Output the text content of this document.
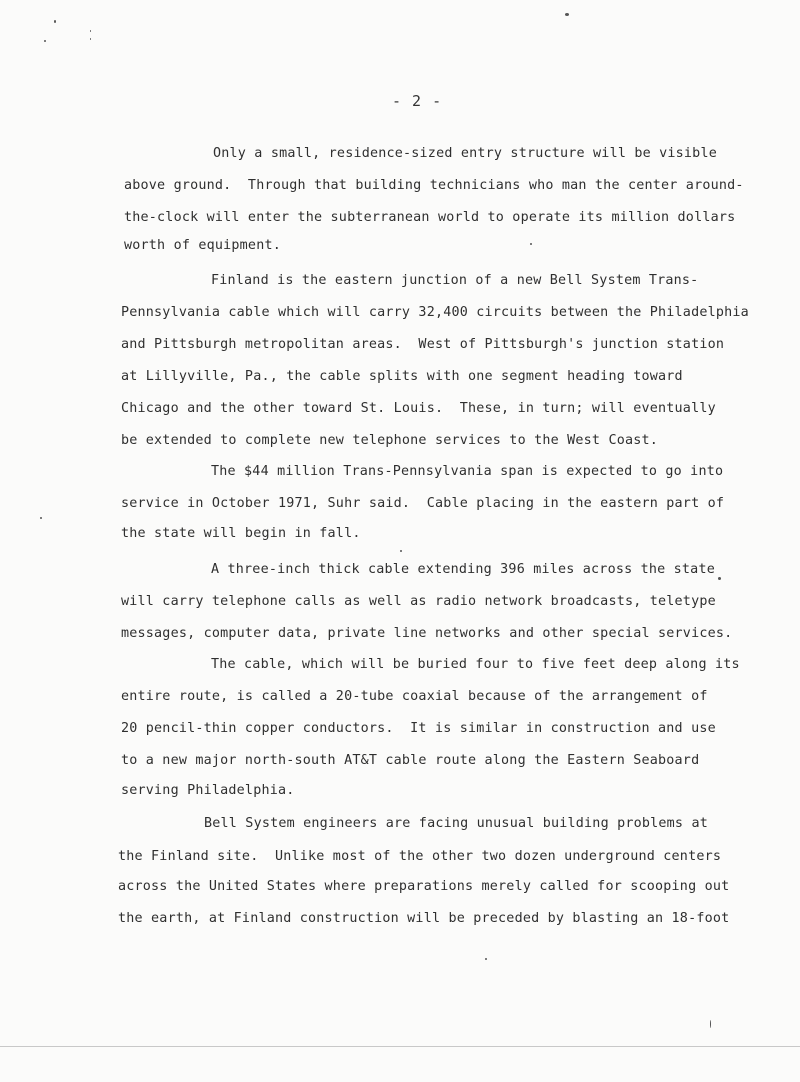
- 2 -
Only a small, residence-sized entry structure will be visible
above ground.  Through that building technicians who man the center around-
the-clock will enter the subterranean world to operate its million dollars
worth of equipment.
Finland is the eastern junction of a new Bell System Trans-
Pennsylvania cable which will carry 32,400 circuits between the Philadelphia
and Pittsburgh metropolitan areas.  West of Pittsburgh's junction station
at Lillyville, Pa., the cable splits with one segment heading toward
Chicago and the other toward St. Louis.  These, in turn; will eventually
be extended to complete new telephone services to the West Coast.
The $44 million Trans-Pennsylvania span is expected to go into
service in October 1971, Suhr said.  Cable placing in the eastern part of
the state will begin in fall.
A three-inch thick cable extending 396 miles across the state
will carry telephone calls as well as radio network broadcasts, teletype
messages, computer data, private line networks and other special services.
The cable, which will be buried four to five feet deep along its
entire route, is called a 20-tube coaxial because of the arrangement of
20 pencil-thin copper conductors.  It is similar in construction and use
to a new major north-south AT&T cable route along the Eastern Seaboard
serving Philadelphia.
Bell System engineers are facing unusual building problems at
the Finland site.  Unlike most of the other two dozen underground centers
across the United States where preparations merely called for scooping out
the earth, at Finland construction will be preceded by blasting an 18-foot
